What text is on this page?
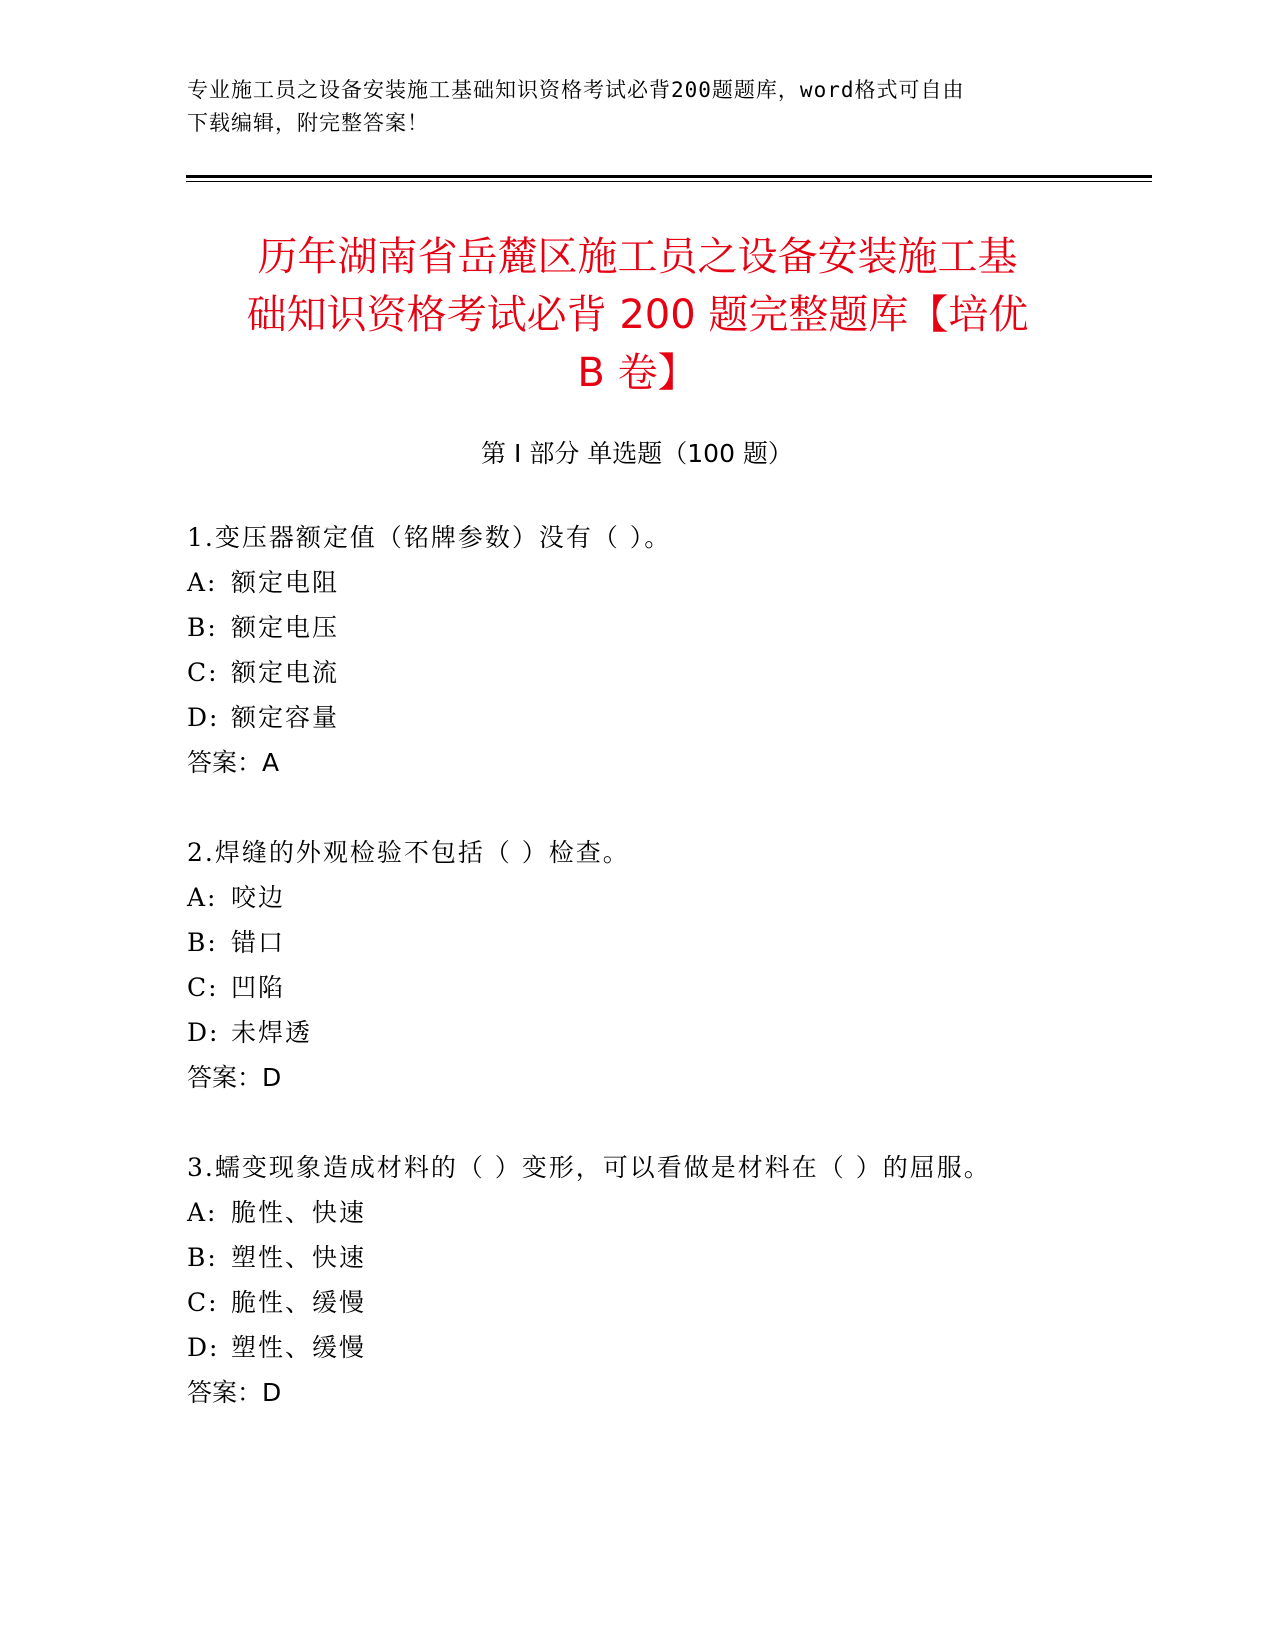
专业施工员之设备安装施工基础知识资格考试必背200题题库，word格式可自由
下载编辑，附完整答案！
历年湖南省岳麓区施工员之设备安装施工基
础知识资格考试必背 200 题完整题库【培优
B 卷】
第 I 部分 单选题（100 题）
1.变压器额定值（铭牌参数）没有（ ）。
A: 额定电阻
B: 额定电压
C: 额定电流
D: 额定容量
答案：A
2.焊缝的外观检验不包括（ ）检查。
A: 咬边
B: 错口
C: 凹陷
D: 未焊透
答案：D
3.蠕变现象造成材料的（ ）变形，可以看做是材料在（ ）的屈服。
A: 脆性、快速
B: 塑性、快速
C: 脆性、缓慢
D: 塑性、缓慢
答案：D
